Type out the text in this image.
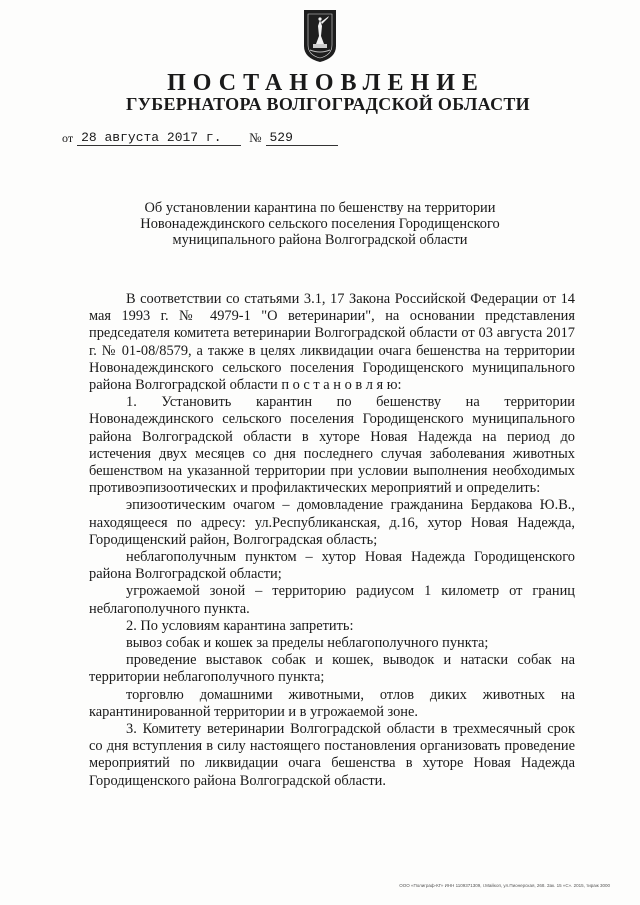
ПОСТАНОВЛЕНИЕ
ГУБЕРНАТОРА ВОЛГОГРАДСКОЙ ОБЛАСТИ
от 28 августа 2017 г.	№ 529
Об установлении карантина по бешенству на территории
Новонадеждинского сельского поселения Городищенского
муниципального района Волгоградской области

В соответствии со статьями 3.1, 17 Закона Российской Федерации от 14 мая 1993 г. № 4979-1 "О ветеринарии", на основании представления председателя комитета ветеринарии Волгоградской области от 03 августа 2017 г. № 01-08/8579, а также в целях ликвидации очага бешенства на территории Новонадеждинского сельского поселения Городищенского муниципального района Волгоградской области п о с т а н о в л я ю:

1. Установить карантин по бешенству на территории Новонадеждинского сельского поселения Городищенского муниципального района Волгоградской области в хуторе Новая Надежда на период до истечения двух месяцев со дня последнего случая заболевания животных бешенством на указанной территории при условии выполнения необходимых противоэпизоотических и профилактических мероприятий и определить:

эпизоотическим очагом – домовладение гражданина Бердакова Ю.В., находящееся по адресу: ул.Республиканская, д.16, хутор Новая Надежда, Городищенский район, Волгоградская область;

неблагополучным пунктом – хутор Новая Надежда Городищенского района Волгоградской области;

угрожаемой зоной – территорию радиусом 1 километр от границ неблагополучного пункта.

2. По условиям карантина запретить:

вывоз собак и кошек за пределы неблагополучного пункта;

проведение выставок собак и кошек, выводок и натаски собак на территории неблагополучного пункта;

торговлю домашними животными, отлов диких животных на карантинированной территории и в угрожаемой зоне.

3. Комитету ветеринарии Волгоградской области в трехмесячный срок со дня вступления в силу настоящего постановления организовать проведение мероприятий по ликвидации очага бешенства в хуторе Новая Надежда Городищенского района Волгоградской области.

ООО «Полиграф-КГ» ИНН 1109371309, г.Майкоп, ул.Пионерская, 268. Зак. 15 «С». 2015, тираж 3000
